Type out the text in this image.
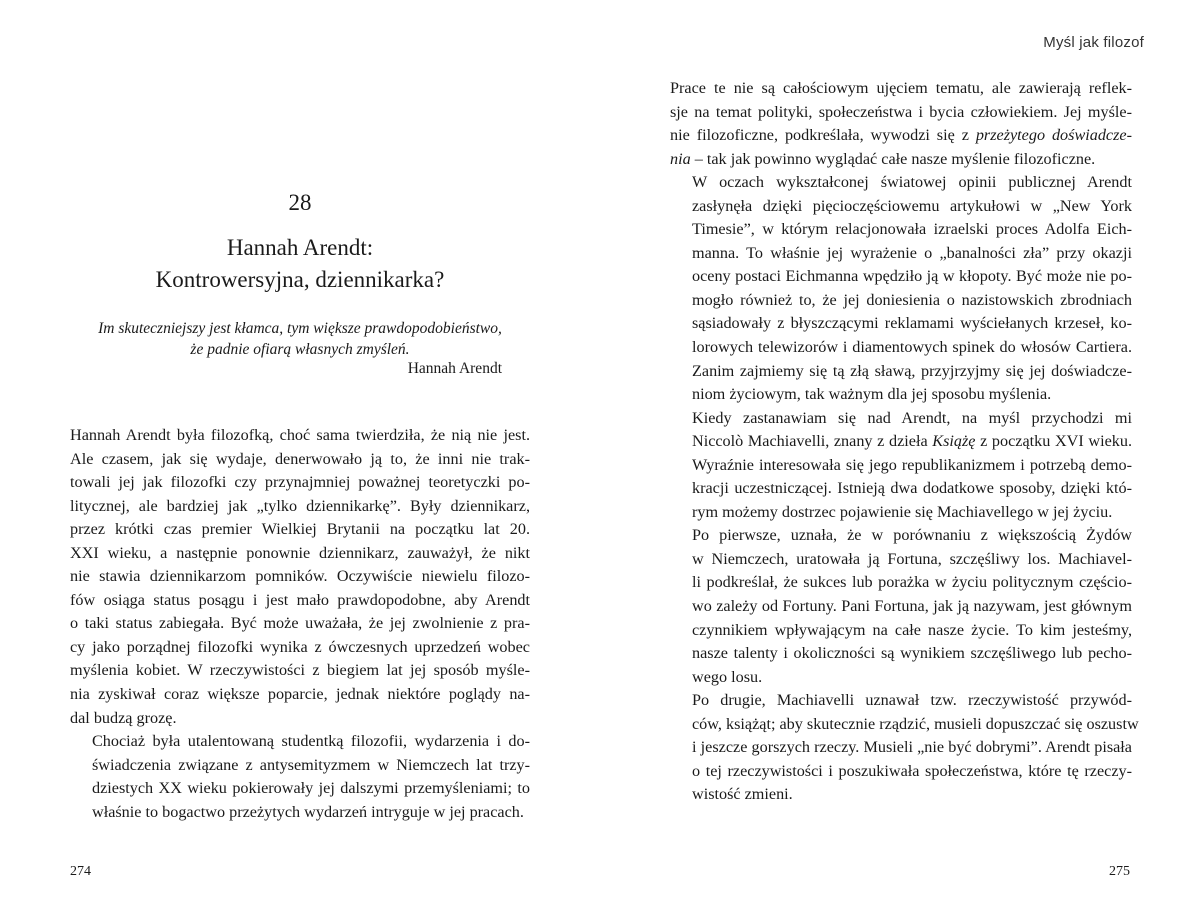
28
Hannah Arendt:
Kontrowersyjna, dziennikarka?
Im skuteczniejszy jest kłamca, tym większe prawdopodobieństwo,
że padnie ofiarą własnych zmyśleń.
Hannah Arendt

Hannah Arendt była filozofką, choć sama twierdziła, że nią nie jest.
Ale czasem, jak się wydaje, denerwowało ją to, że inni nie trak-
towali jej jak filozofki czy przynajmniej poważnej teoretyczki po-
litycznej, ale bardziej jak „tylko dziennikarkę”. Były dziennikarz,
przez krótki czas premier Wielkiej Brytanii na początku lat 20.
XXI wieku, a następnie ponownie dziennikarz, zauważył, że nikt
nie stawia dziennikarzom pomników. Oczywiście niewielu filozo-
fów osiąga status posągu i jest mało prawdopodobne, aby Arendt
o taki status zabiegała. Być może uważała, że jej zwolnienie z pra-
cy jako porządnej filozofki wynika z ówczesnych uprzedzeń wobec
myślenia kobiet. W rzeczywistości z biegiem lat jej sposób myśle-
nia zyskiwał coraz większe poparcie, jednak niektóre poglądy na-
dal budzą grozę.

Chociaż była utalentowaną studentką filozofii, wydarzenia i do-
świadczenia związane z antysemityzmem w Niemczech lat trzy-
dziestych XX wieku pokierowały jej dalszymi przemyśleniami; to
właśnie to bogactwo przeżytych wydarzeń intryguje w jej pracach.

274
Myśl jak filozof

Prace te nie są całościowym ujęciem tematu, ale zawierają reflek-
sje na temat polityki, społeczeństwa i bycia człowiekiem. Jej myśle-
nie filozoficzne, podkreślała, wywodzi się z przeżytego doświadcze-
nia – tak jak powinno wyglądać całe nasze myślenie filozoficzne.

W oczach wykształconej światowej opinii publicznej Arendt
zasłynęła dzięki pięcioczęściowemu artykułowi w „New York
Timesie”, w którym relacjonowała izraelski proces Adolfa Eich-
manna. To właśnie jej wyrażenie o „banalności zła” przy okazji
oceny postaci Eichmanna wpędziło ją w kłopoty. Być może nie po-
mogło również to, że jej doniesienia o nazistowskich zbrodniach
sąsiadowały z błyszczącymi reklamami wyściełanych krzeseł, ko-
lorowych telewizorów i diamentowych spinek do włosów Cartiera.
Zanim zajmiemy się tą złą sławą, przyjrzyjmy się jej doświadcze-
niom życiowym, tak ważnym dla jej sposobu myślenia.

Kiedy zastanawiam się nad Arendt, na myśl przychodzi mi
Niccolò Machiavelli, znany z dzieła Książę z początku XVI wieku.
Wyraźnie interesowała się jego republikanizmem i potrzebą demo-
kracji uczestniczącej. Istnieją dwa dodatkowe sposoby, dzięki któ-
rym możemy dostrzec pojawienie się Machiavellego w jej życiu.

Po pierwsze, uznała, że w porównaniu z większością Żydów
w Niemczech, uratowała ją Fortuna, szczęśliwy los. Machiavel-
li podkreślał, że sukces lub porażka w życiu politycznym częścio-
wo zależy od Fortuny. Pani Fortuna, jak ją nazywam, jest głównym
czynnikiem wpływającym na całe nasze życie. To kim jesteśmy,
nasze talenty i okoliczności są wynikiem szczęśliwego lub pecho-
wego losu.

Po drugie, Machiavelli uznawał tzw. rzeczywistość przywód-
ców, książąt; aby skutecznie rządzić, musieli dopuszczać się oszustw
i jeszcze gorszych rzeczy. Musieli „nie być dobrymi”. Arendt pisała
o tej rzeczywistości i poszukiwała społeczeństwa, które tę rzeczy-
wistość zmieni.

275
